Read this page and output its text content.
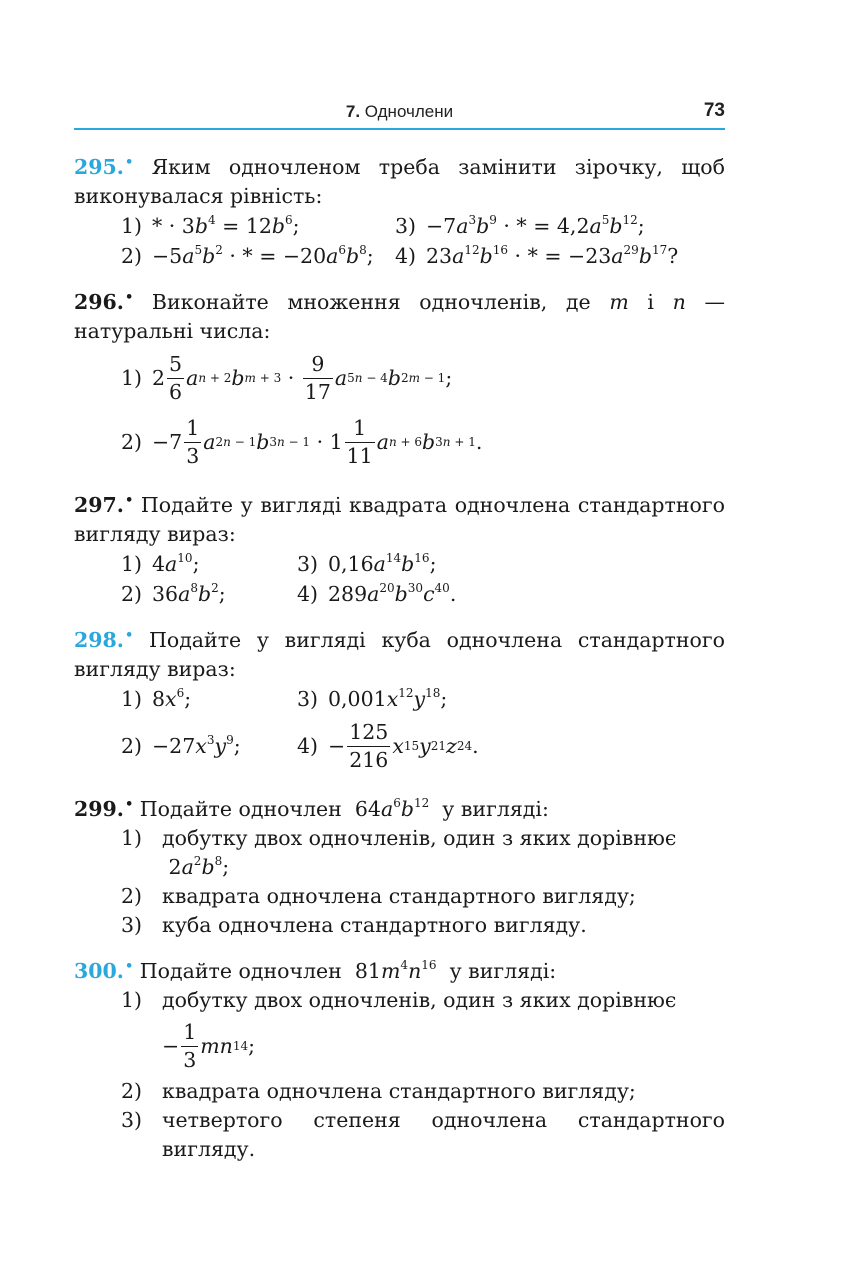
7. Одночлени	73
295.• Яким одночленом треба замінити зірочку, щоб виконувалася рівність:
1) * · $3b^4 = 12b^6$;	$3) -7a^3b^9$ · * = $4,2a^5b^{12}$;
$2) -5a^5b^2$ · * = $-20a^6b^8$;	4) $23a^{12}b^{16}$ · * = $-23a^{29}b^{17}$?
296.• Виконайте множення одночленів, де m і n — натуральні числа:
1) $2 \frac{5}{6}$ a n + 2 b $m + 3 \cdot \frac{9}{17}$ a 5n − 4 b 2m − 1 ;
$2) -7 \frac{1}{3}$ a 2n − 1 b $3n - 1 \cdot 1 \frac{1}{11}$ a n + 6 b 3n + 1 .
297.• Подайте у вигляді квадрата одночлена стандартного вигляду вираз:
1) $4a^{10}$;	3) $0,16a^{14}b^{16}$;
2) $36a^8b^2$;	4) $289a^{20}b^{30}c^{40}$.
298.• Подайте у вигляді куба одночлена стандартного вигляду вираз:
1) $8x^6$;	3) $0,001x^{12}y^{18}$;
$2) -27x^3y^9$;	$4) - \frac{125}{216}$ x 15 y 21 z 24 .
299.• Подайте одночлен  $64a^6b^{12}$ у вигляді:
1) добутку двох одночленів, один з яких дорівнює
$2a^2b^8$;
2) квадрата одночлена стандартного вигляду;
3) куба одночлена стандартного вигляду.
300.• Подайте одночлен  $81m^4n^{16}$ у вигляді:
1) добутку двох одночленів, один з яких дорівнює
− $\frac{1}{3}$ mn 14 ;
2) квадрата одночлена стандартного вигляду;
3) четвертого степеня одночлена стандартного вигляду.
